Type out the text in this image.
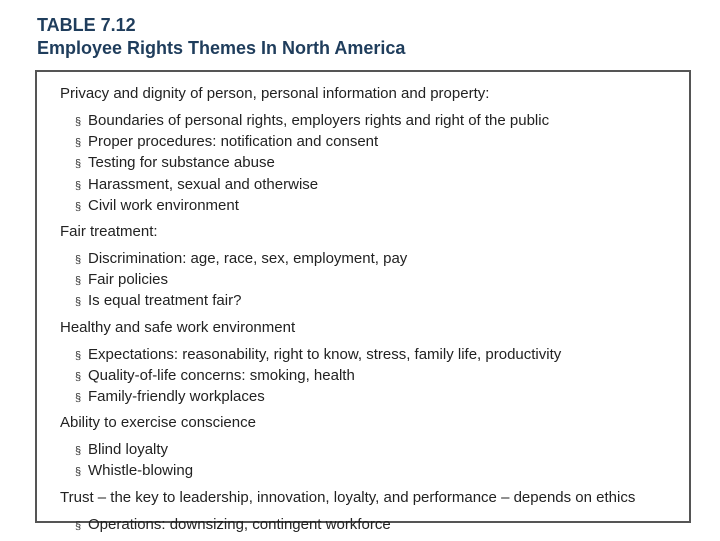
TABLE 7.12
Employee Rights Themes In North America
Privacy and dignity of person, personal information and property:
§ Boundaries of personal rights, employers rights and right of the public
§ Proper procedures: notification and consent
§ Testing for substance abuse
§ Harassment, sexual and otherwise
§ Civil work environment
Fair treatment:
§ Discrimination: age, race, sex, employment, pay
§ Fair policies
§ Is equal treatment fair?
Healthy and safe work environment
§ Expectations: reasonability, right to know, stress, family life, productivity
§ Quality-of-life concerns: smoking, health
§ Family-friendly workplaces
Ability to exercise conscience
§ Blind loyalty
§ Whistle-blowing
Trust – the key to leadership, innovation, loyalty, and performance – depends on ethics
§ Operations: downsizing, contingent workforce
